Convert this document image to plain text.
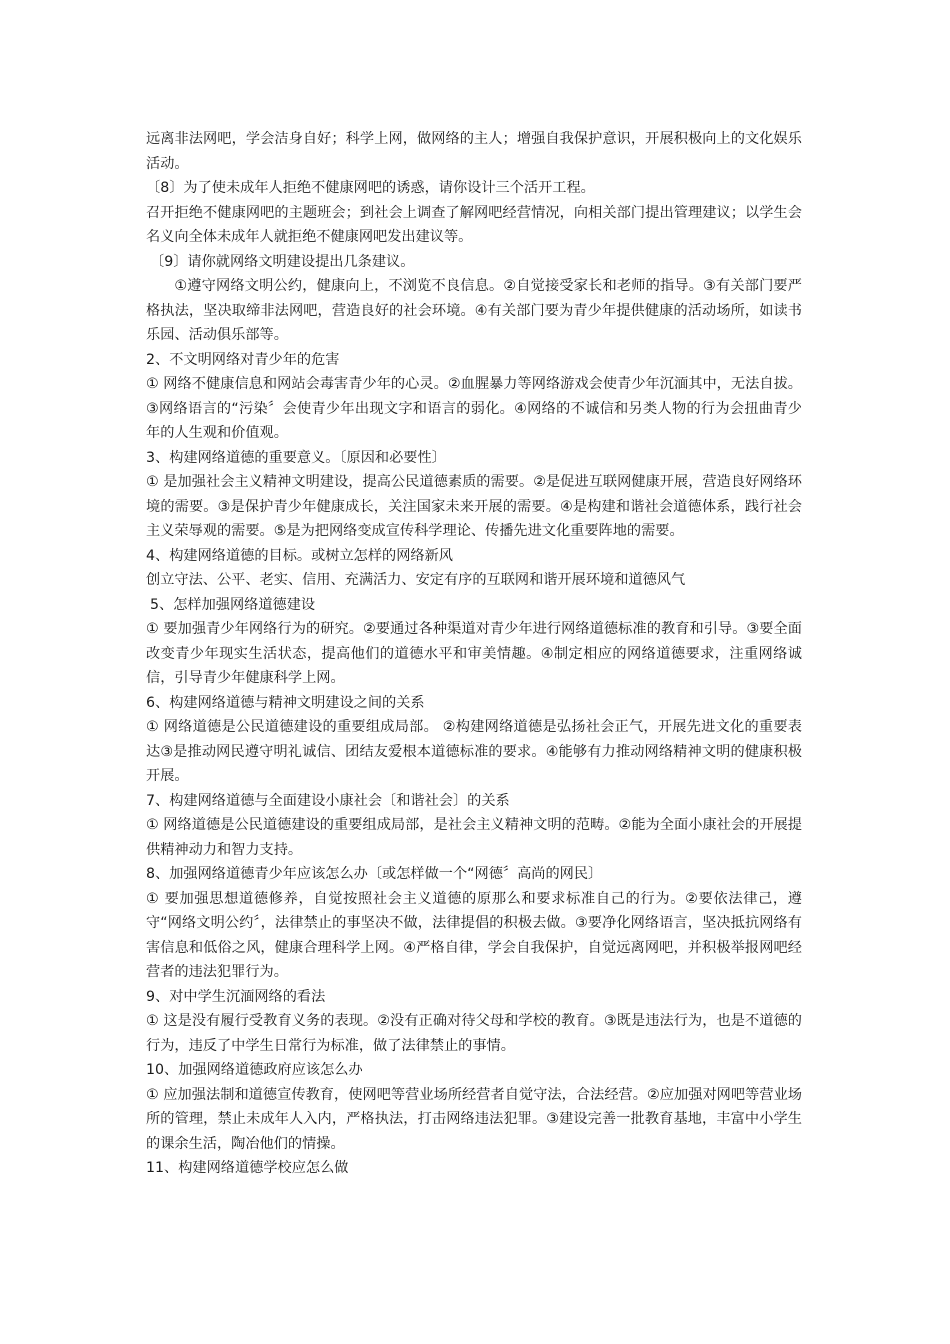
远离非法网吧，学会洁身自好；科学上网，做网络的主人；增强自我保护意识，开展积极向上的文化娱乐活动。

〔8〕为了使未成年人拒绝不健康网吧的诱惑，请你设计三个活开工程。

召开拒绝不健康网吧的主题班会；到社会上调查了解网吧经营情况，向相关部门提出管理建议；以学生会名义向全体未成年人就拒绝不健康网吧发出建议等。

〔9〕请你就网络文明建设提出几条建议。

①遵守网络文明公约，健康向上，不浏览不良信息。②自觉接受家长和老师的指导。③有关部门要严格执法，坚决取缔非法网吧，营造良好的社会环境。④有关部门要为青少年提供健康的活动场所，如读书乐园、活动俱乐部等。

2、不文明网络对青少年的危害

① 网络不健康信息和网站会毒害青少年的心灵。②血腥暴力等网络游戏会使青少年沉湎其中，无法自拔。③网络语言的“污染〞会使青少年出现文字和语言的弱化。④网络的不诚信和另类人物的行为会扭曲青少年的人生观和价值观。

3、构建网络道德的重要意义。〔原因和必要性〕

① 是加强社会主义精神文明建设，提高公民道德素质的需要。②是促进互联网健康开展，营造良好网络环境的需要。③是保护青少年健康成长，关注国家未来开展的需要。④是构建和谐社会道德体系，践行社会主义荣辱观的需要。⑤是为把网络变成宣传科学理论、传播先进文化重要阵地的需要。

4、构建网络道德的目标。或树立怎样的网络新风

创立守法、公平、老实、信用、充满活力、安定有序的互联网和谐开展环境和道德风气

5、怎样加强网络道德建设

① 要加强青少年网络行为的研究。②要通过各种渠道对青少年进行网络道德标准的教育和引导。③要全面改变青少年现实生活状态，提高他们的道德水平和审美情趣。④制定相应的网络道德要求，注重网络诚信，引导青少年健康科学上网。

6、构建网络道德与精神文明建设之间的关系

① 网络道德是公民道德建设的重要组成局部。 ②构建网络道德是弘扬社会正气，开展先进文化的重要表达③是推动网民遵守明礼诚信、团结友爱根本道德标准的要求。④能够有力推动网络精神文明的健康积极开展。

7、构建网络道德与全面建设小康社会〔和谐社会〕的关系

① 网络道德是公民道德建设的重要组成局部，是社会主义精神文明的范畴。②能为全面小康社会的开展提供精神动力和智力支持。

8、加强网络道德青少年应该怎么办〔或怎样做一个“网德〞高尚的网民〕

① 要加强思想道德修养，自觉按照社会主义道德的原那么和要求标准自己的行为。②要依法律己，遵守“网络文明公约〞，法律禁止的事坚决不做，法律提倡的积极去做。③要净化网络语言，坚决抵抗网络有害信息和低俗之风，健康合理科学上网。④严格自律，学会自我保护，自觉远离网吧，并积极举报网吧经营者的违法犯罪行为。

9、对中学生沉湎网络的看法

① 这是没有履行受教育义务的表现。②没有正确对待父母和学校的教育。③既是违法行为，也是不道德的行为，违反了中学生日常行为标准，做了法律禁止的事情。

10、加强网络道德政府应该怎么办

① 应加强法制和道德宣传教育，使网吧等营业场所经营者自觉守法，合法经营。②应加强对网吧等营业场所的管理，禁止未成年人入内，严格执法，打击网络违法犯罪。③建设完善一批教育基地，丰富中小学生的课余生活，陶冶他们的情操。

11、构建网络道德学校应怎么做
